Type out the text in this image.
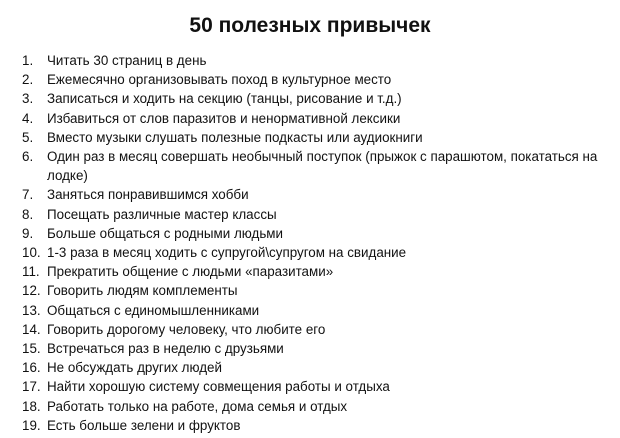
50 полезных привычек
1.	Читать 30 страниц в день
2.	Ежемесячно организовывать поход в культурное место
3.	Записаться и ходить на секцию (танцы, рисование и т.д.)
4.	Избавиться от слов паразитов и ненормативной лексики
5.	Вместо музыки слушать полезные подкасты или аудиокниги
6.	Один раз в месяц совершать необычный поступок (прыжок с парашютом, покататься на лодке)
7.	Заняться понравившимся хобби
8.	Посещать различные мастер классы
9.	Больше общаться с родными людьми
10. 1-3 раза в месяц ходить с супругой\супругом на свидание
11. Прекратить общение с людьми «паразитами»
12. Говорить людям комплементы
13. Общаться с единомышленниками
14. Говорить дорогому человеку, что любите его
15. Встречаться раз в неделю с друзьями
16. Не обсуждать других людей
17. Найти хорошую систему совмещения работы и отдыха
18. Работать только на работе, дома семья и отдых
19. Есть больше зелени и фруктов
